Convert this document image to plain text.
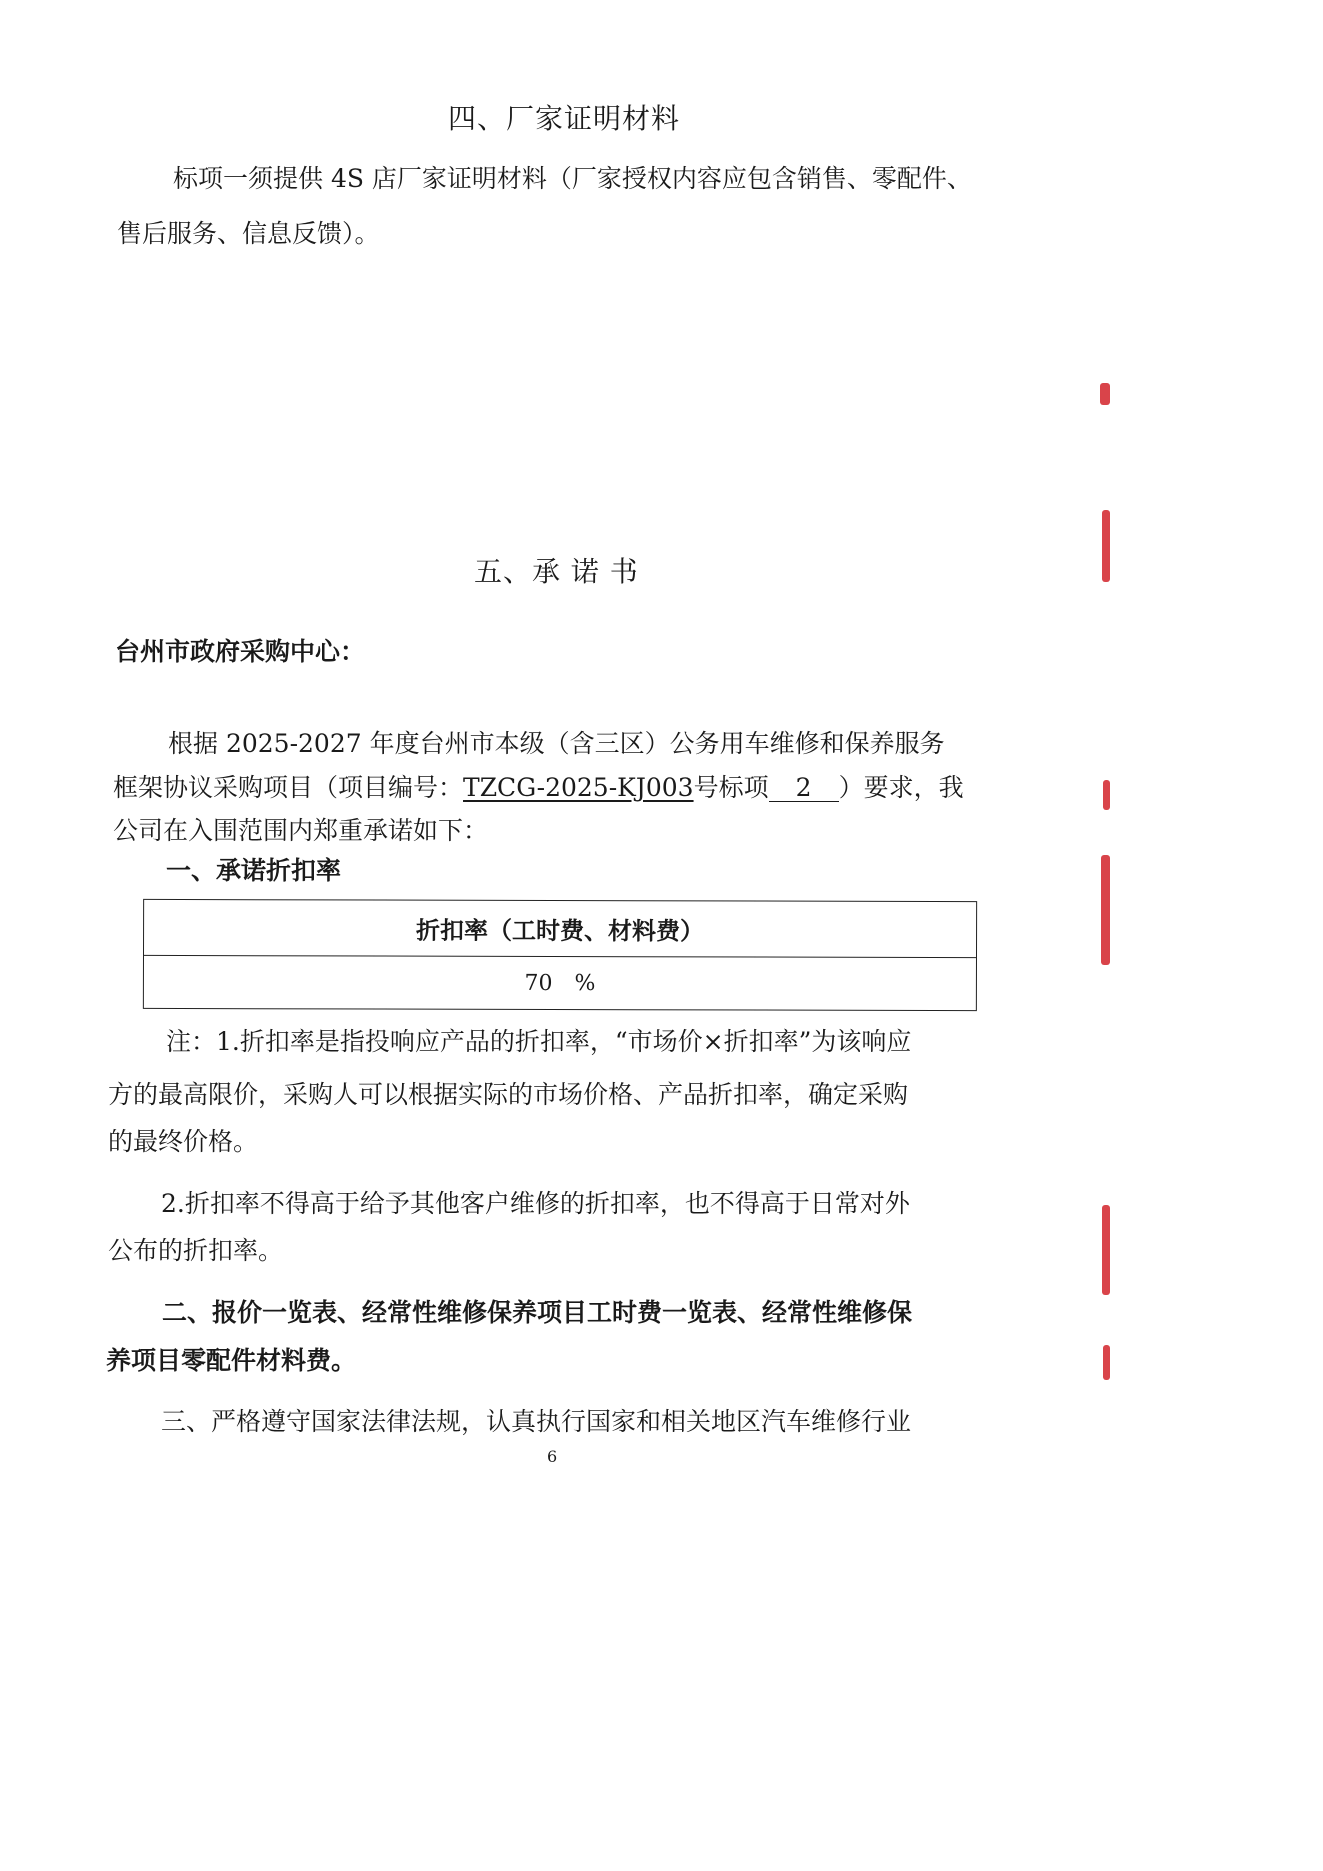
四、厂家证明材料
标项一须提供 4S 店厂家证明材料（厂家授权内容应包含销售、零配件、
售后服务、信息反馈）。
五、承 诺 书
台州市政府采购中心：
根据 2025-2027 年度台州市本级（含三区）公务用车维修和保养服务
框架协议采购项目（项目编号：TZCG-2025-KJ003号标项 2 ）要求，我
公司在入围范围内郑重承诺如下：
一、承诺折扣率
折扣率（工时费、材料费）
70 %
注：1.折扣率是指投响应产品的折扣率，“市场价×折扣率”为该响应
方的最高限价，采购人可以根据实际的市场价格、产品折扣率，确定采购
的最终价格。
2.折扣率不得高于给予其他客户维修的折扣率，也不得高于日常对外
公布的折扣率。
二、报价一览表、经常性维修保养项目工时费一览表、经常性维修保
养项目零配件材料费。
三、严格遵守国家法律法规，认真执行国家和相关地区汽车维修行业
6
